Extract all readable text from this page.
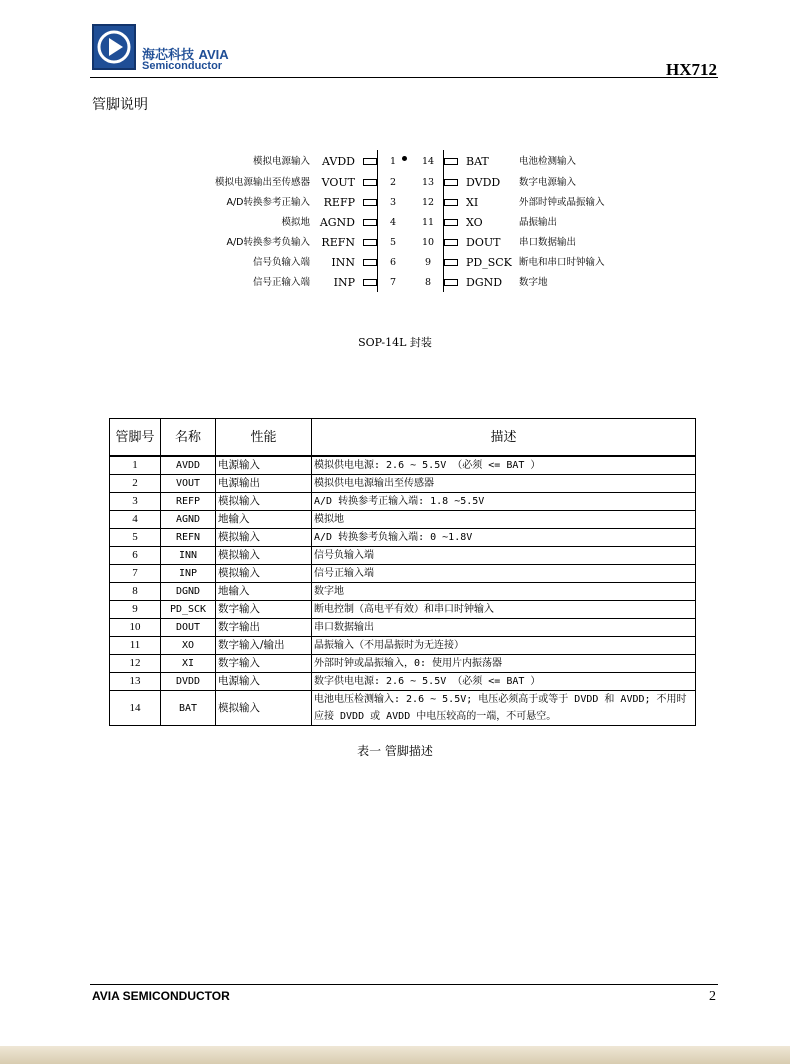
海芯科技 AVIA
Semiconductor	HX712
管脚说明
模拟电源输入	AVDD	1	14	BAT	电池检测输入
模拟电源输出至传感器	VOUT	2	13	DVDD 数字电源输入
A/D转换参考正输入	REFP	3	12	XI	外部时钟或晶振输入
模拟地 AGND	4	11	XO	晶振输出
A/D转换参考负输入	REFN	5	10	DOUT 串口数据输出
信号负输入端	INN	6	9	PD_SCK 断电和串口时钟输入
信号正输入端	INP	7	8	DGND 数字地
SOP-14L 封装
管脚号	名称	性能	描述
1	AVDD	电源输入	模拟供电电源: 2.6 ~ 5.5V （必须 <= BAT ）
2	VOUT	电源输出	模拟供电电源输出至传感器
3	REFP	模拟输入	A/D 转换参考正输入端: 1.8 ~5.5V
4	AGND	地输入	模拟地
5	REFN	模拟输入	A/D 转换参考负输入端: 0 ~1.8V
6	INN	模拟输入	信号负输入端
7	INP	模拟输入	信号正输入端
8	DGND	地输入	数字地
9	PD_SCK	数字输入	断电控制（高电平有效）和串口时钟输入
10	DOUT	数字输出	串口数据输出
11	XO	数字输入/输出	晶振输入（不用晶振时为无连接）
12	XI	数字输入	外部时钟或晶振输入，0: 使用片内振荡器
13	DVDD	电源输入	数字供电电源: 2.6 ~ 5.5V （必须 <= BAT ）
14	BAT	模拟输入	电池电压检测输入: 2.6 ~ 5.5V; 电压必须高于或等于 DVDD 和 AVDD; 不用时应接 DVDD 或 AVDD 中电压较高的一端，不可悬空。
表一 管脚描述
AVIA SEMICONDUCTOR	2
